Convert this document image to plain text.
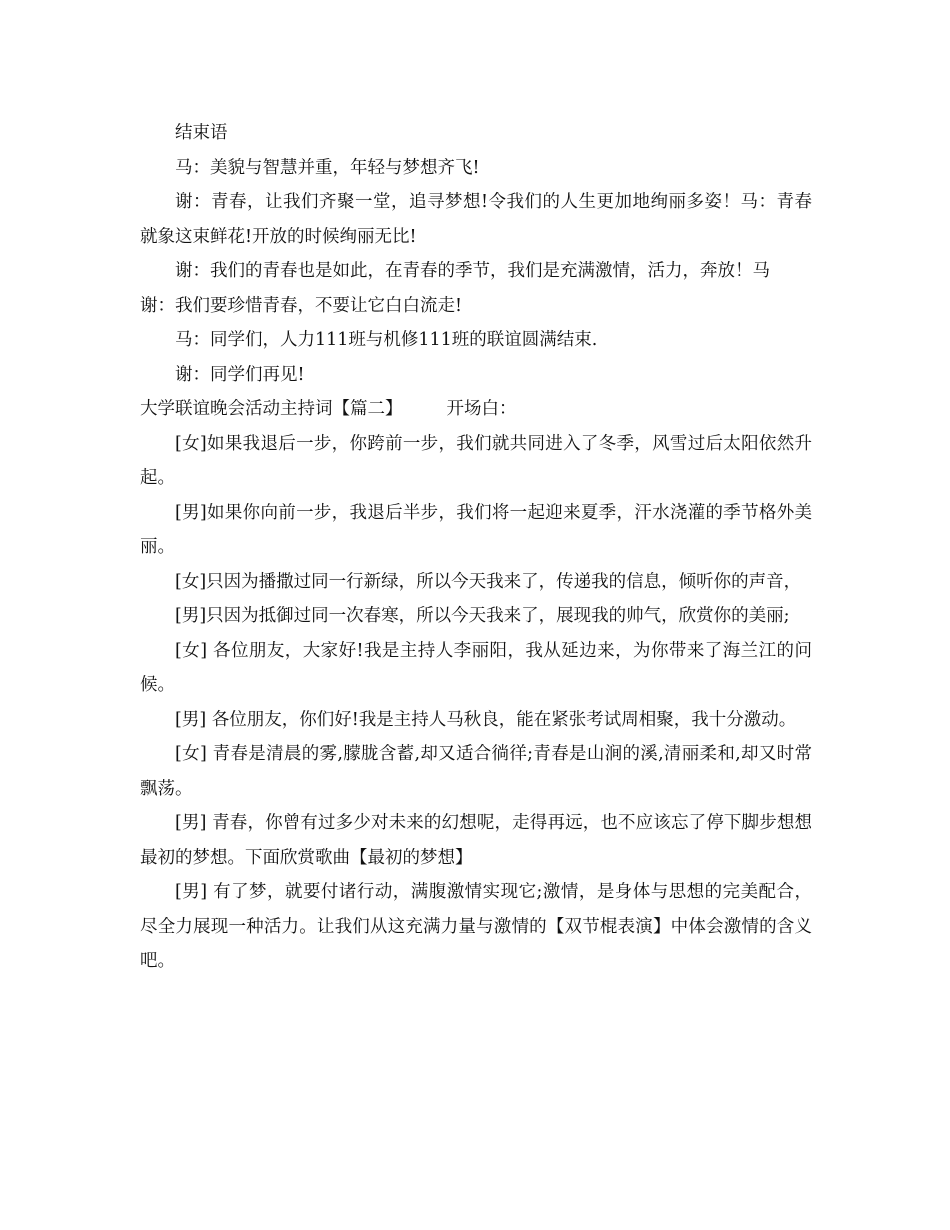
结束语

马：美貌与智慧并重，年轻与梦想齐飞!

谢：青春，让我们齐聚一堂，追寻梦想!令我们的人生更加地绚丽多姿！马：青春就象这束鲜花!开放的时候绚丽无比!

谢：我们的青春也是如此，在青春的季节，我们是充满激情，活力，奔放！马

谢：我们要珍惜青春，不要让它白白流走!

马：同学们，人力111班与机修111班的联谊圆满结束.

谢：同学们再见!

大学联谊晚会活动主持词【篇二】	开场白：

[女]如果我退后一步，你跨前一步，我们就共同进入了冬季，风雪过后太阳依然升起。

[男]如果你向前一步，我退后半步，我们将一起迎来夏季，汗水浇灌的季节格外美丽。

[女]只因为播撒过同一行新绿，所以今天我来了，传递我的信息，倾听你的声音，

[男]只因为抵御过同一次春寒，所以今天我来了，展现我的帅气，欣赏你的美丽;

[女] 各位朋友，大家好!我是主持人李丽阳，我从延边来，为你带来了海兰江的问候。

[男] 各位朋友，你们好!我是主持人马秋良，能在紧张考试周相聚，我十分激动。

[女] 青春是清晨的雾,朦胧含蓄,却又适合徜徉;青春是山涧的溪,清丽柔和,却又时常飘荡。

[男] 青春，你曾有过多少对未来的幻想呢，走得再远，也不应该忘了停下脚步想想最初的梦想。下面欣赏歌曲【最初的梦想】

[男] 有了梦，就要付诸行动，满腹激情实现它;激情，是身体与思想的完美配合，尽全力展现一种活力。让我们从这充满力量与激情的【双节棍表演】中体会激情的含义吧。
